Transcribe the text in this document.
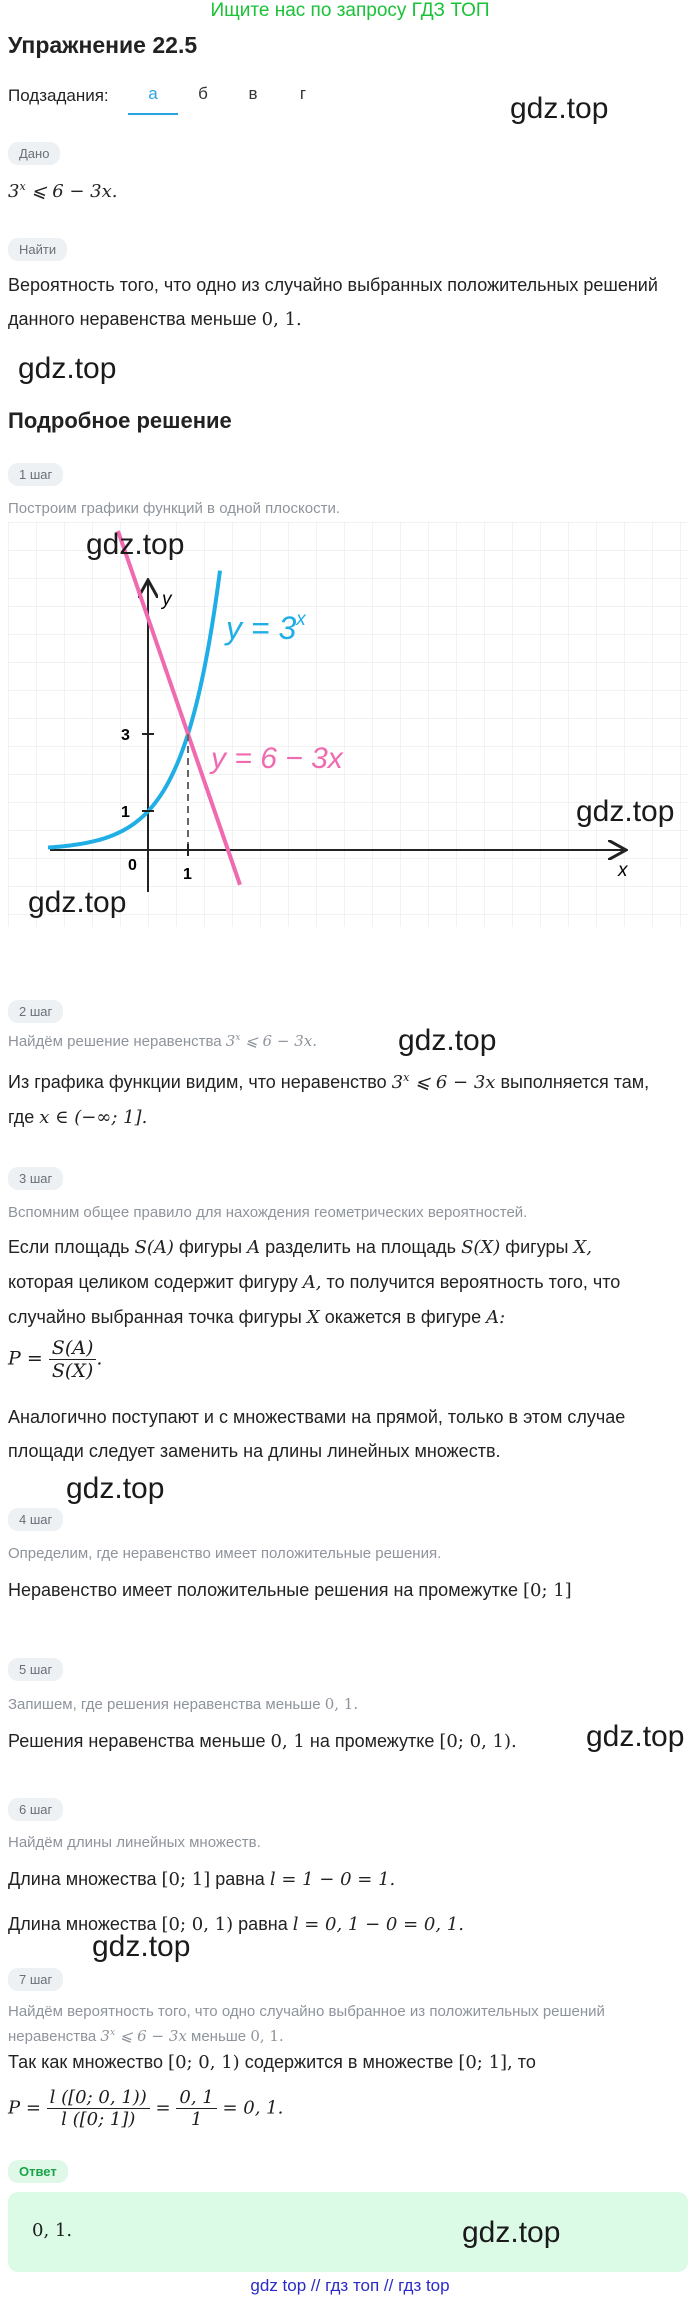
Ищите нас по запросу ГДЗ ТОП
Упражнение 22.5
Подзадания:	а	б	в	г	gdz.top
Дано
3$^x$ ⩽ 6 − 3x.
Найти
Вероятность того, что одно из случайно выбранных положительных решений
данного неравенства меньше 0, 1.
gdz.top
Подробное решение
1 шаг
Построим графики функций в одной плоскости.
y
x
0
1
1
3
$y = 3^x$
y = 6 − 3x
gdz.top
gdz.top
gdz.top
2 шаг
Найдём решение неравенства 3$^x$ ⩽ 6 − 3x.	gdz.top
Из графика функции видим, что неравенство 3$^x$ ⩽ 6 − 3x выполняется там,
где x ∈ (−∞; 1].
3 шаг
Вспомним общее правило для нахождения геометрических вероятностей.
Если площадь S(A) фигуры A разделить на площадь S(X) фигуры X,
которая целиком содержит фигуру A, то получится вероятность того, что
случайно выбранная точка фигуры X окажется в фигуре A:
$P = \frac{S(A)}{S(X)}$ .
Аналогично поступают и с множествами на прямой, только в этом случае
площади следует заменить на длины линейных множеств.
gdz.top
4 шаг
Определим, где неравенство имеет положительные решения.
Неравенство имеет положительные решения на промежутке [0; 1]
5 шаг
Запишем, где решения неравенства меньше 0, 1.
Решения неравенства меньше 0, 1 на промежутке [0; 0, 1).	gdz.top
6 шаг
Найдём длины линейных множеств.
Длина множества [0; 1] равна l = 1 − 0 = 1.
Длина множества [0; 0, 1) равна l = 0, 1 − 0 = 0, 1.
gdz.top
7 шаг
Найдём вероятность того, что одно случайно выбранное из положительных решений
неравенства 3$^x$ ⩽ 6 − 3x меньше 0, 1.
Так как множество [0; 0, 1) содержится в множестве [0; 1], то
$P = \frac{l ([0; 0, 1))}{l ([0; 1])} = \frac{0, 1}{1} = 0$, 1.
Ответ
0, 1.	gdz.top
gdz top // гдз топ // гдз top
